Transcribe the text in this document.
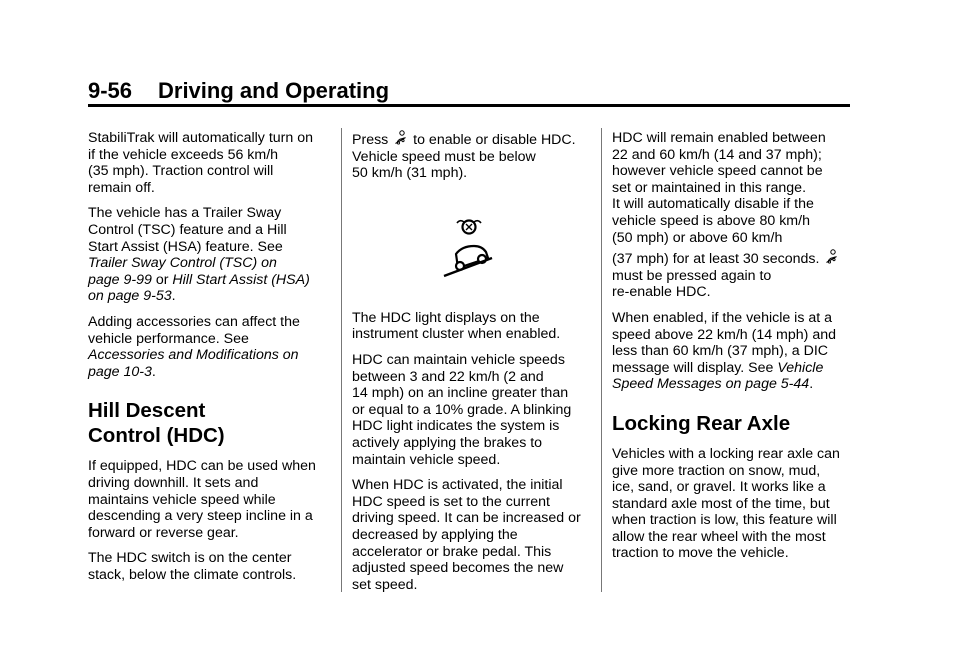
9-56 Driving and Operating

StabiliTrak will automatically turn on
if the vehicle exceeds 56 km/h
(35 mph). Traction control will
remain off.

The vehicle has a Trailer Sway
Control (TSC) feature and a Hill
Start Assist (HSA) feature. See
Trailer Sway Control (TSC) on
page 9-99 or Hill Start Assist (HSA)
on page 9-53.

Adding accessories can affect the
vehicle performance. See
Accessories and Modifications on
page 10-3.

Hill Descent
Control (HDC)

If equipped, HDC can be used when
driving downhill. It sets and
maintains vehicle speed while
descending a very steep incline in a
forward or reverse gear.

The HDC switch is on the center
stack, below the climate controls.

Press  to enable or disable HDC.
Vehicle speed must be below
50 km/h (31 mph).

The HDC light displays on the
instrument cluster when enabled.

HDC can maintain vehicle speeds
between 3 and 22 km/h (2 and
14 mph) on an incline greater than
or equal to a 10% grade. A blinking
HDC light indicates the system is
actively applying the brakes to
maintain vehicle speed.

When HDC is activated, the initial
HDC speed is set to the current
driving speed. It can be increased or
decreased by applying the
accelerator or brake pedal. This
adjusted speed becomes the new
set speed.

HDC will remain enabled between
22 and 60 km/h (14 and 37 mph);
however vehicle speed cannot be
set or maintained in this range.
It will automatically disable if the
vehicle speed is above 80 km/h
(50 mph) or above 60 km/h
(37 mph) for at least 30 seconds.
must be pressed again to
re-enable HDC.

When enabled, if the vehicle is at a
speed above 22 km/h (14 mph) and
less than 60 km/h (37 mph), a DIC
message will display. See Vehicle
Speed Messages on page 5-44.

Locking Rear Axle

Vehicles with a locking rear axle can
give more traction on snow, mud,
ice, sand, or gravel. It works like a
standard axle most of the time, but
when traction is low, this feature will
allow the rear wheel with the most
traction to move the vehicle.
